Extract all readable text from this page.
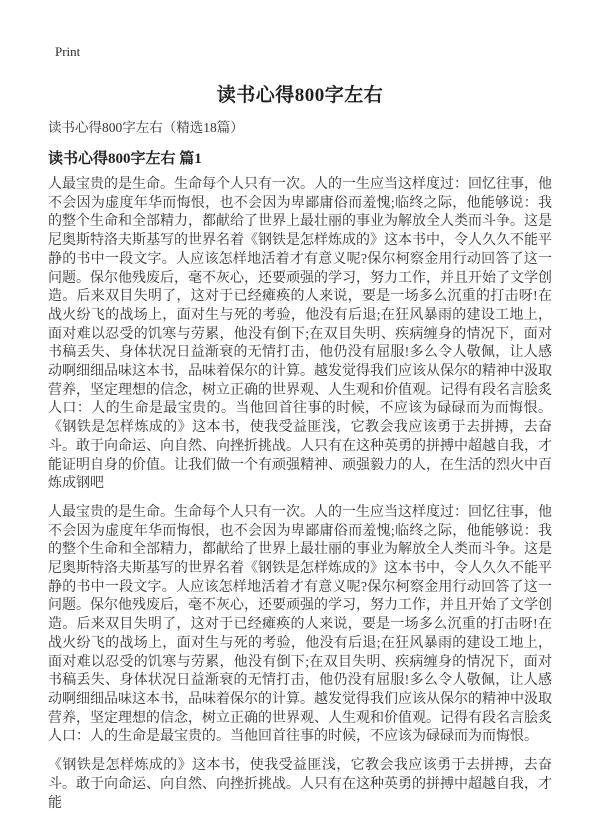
Print
读书心得800字左右
读书心得800字左右（精选18篇）
读书心得800字左右 篇1

人最宝贵的是生命。生命每个人只有一次。人的一生应当这样度过：回忆往事，他不会因为虚度年华而悔恨，也不会因为卑鄙庸俗而羞愧;临终之际，他能够说：我的整个生命和全部精力，都献给了世界上最壮丽的事业为解放全人类而斗争。这是尼奥斯特洛夫斯基写的世界名着《钢铁是怎样炼成的》这本书中，令人久久不能平静的书中一段文字。人应该怎样地活着才有意义呢?保尔柯察金用行动回答了这一问题。保尔他残废后，毫不灰心，还要顽强的学习，努力工作，并且开始了文学创造。后来双目失明了，这对于已经瘫痪的人来说，要是一场多么沉重的打击呀!在战火纷飞的战场上，面对生与死的考验，他没有后退;在狂风暴雨的建设工地上，面对难以忍受的饥寒与劳累，他没有倒下;在双目失明、疾病缠身的情况下，面对书稿丢失、身体状况日益渐衰的无情打击，他仍没有屈服!多么令人敬佩，让人感动啊细细品味这本书，品味着保尔的计算。越发觉得我们应该从保尔的精神中汲取营养，坚定理想的信念，树立正确的世界观、人生观和价值观。记得有段名言脍炙人口：人的生命是最宝贵的。当他回首往事的时候，不应该为碌碌而为而悔恨。《钢铁是怎样炼成的》这本书，使我受益匪浅，它教会我应该勇于去拼搏，去奋斗。敢于向命运、向自然、向挫折挑战。人只有在这种英勇的拼搏中超越自我，才能证明自身的价值。让我们做一个有顽强精神、顽强毅力的人，在生活的烈火中百炼成钢吧

人最宝贵的是生命。生命每个人只有一次。人的一生应当这样度过：回忆往事，他不会因为虚度年华而悔恨，也不会因为卑鄙庸俗而羞愧;临终之际，他能够说：我的整个生命和全部精力，都献给了世界上最壮丽的事业为解放全人类而斗争。这是尼奥斯特洛夫斯基写的世界名着《钢铁是怎样炼成的》这本书中，令人久久不能平静的书中一段文字。人应该怎样地活着才有意义呢?保尔柯察金用行动回答了这一问题。保尔他残废后，毫不灰心，还要顽强的学习，努力工作，并且开始了文学创造。后来双目失明了，这对于已经瘫痪的人来说，要是一场多么沉重的打击呀!在战火纷飞的战场上，面对生与死的考验，他没有后退;在狂风暴雨的建设工地上，面对难以忍受的饥寒与劳累，他没有倒下;在双目失明、疾病缠身的情况下，面对书稿丢失、身体状况日益渐衰的无情打击，他仍没有屈服!多么令人敬佩，让人感动啊细细品味这本书，品味着保尔的计算。越发觉得我们应该从保尔的精神中汲取营养，坚定理想的信念，树立正确的世界观、人生观和价值观。记得有段名言脍炙人口：人的生命是最宝贵的。当他回首往事的时候，不应该为碌碌而为而悔恨。

《钢铁是怎样炼成的》这本书，使我受益匪浅，它教会我应该勇于去拼搏，去奋斗。敢于向命运、向自然、向挫折挑战。人只有在这种英勇的拼搏中超越自我，才能
